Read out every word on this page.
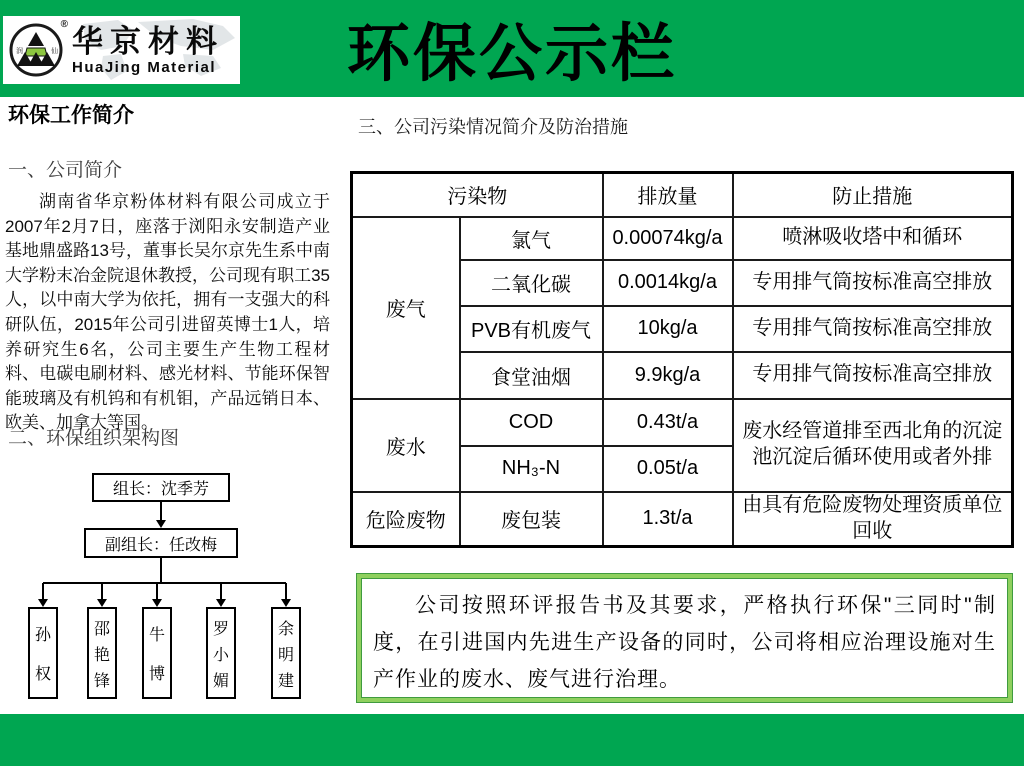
环保公示栏
润	仙
® 华京材料
HuaJing Material
环保工作简介
一、公司简介
湖南省华京粉体材料有限公司成立于2007年2月7日，座落于浏阳永安制造产业基地鼎盛路13号，董事长吴尔京先生系中南大学粉末冶金院退休教授，公司现有职工35人，以中南大学为依托，拥有一支强大的科研队伍，2015年公司引进留英博士1人，培养研究生6名，公司主要生产生物工程材料、电碳电刷材料、感光材料、节能环保智能玻璃及有机钨和有机钼，产品远销日本、欧美、加拿大等国。
二、环保组织架构图
组长：沈季芳
副组长：任改梅
孙
权
邵
艳
锋
牛
博
罗
小
媚
余
明
建
三、公司污染情况简介及防治措施
污染物		排放量	防止措施
废气	氯气	0.00074kg/a	喷淋吸收塔中和循环
	二氧化碳	0.0014kg/a	专用排气筒按标准高空排放
	PVB有机废气	10kg/a	专用排气筒按标准高空排放
	食堂油烟	9.9kg/a	专用排气筒按标准高空排放
废水	COD	0.43t/a	废水经管道排至西北角的沉淀池沉淀后循环使用或者外排
	NH₃-N	0.05t/a	
危险废物	废包装	1.3t/a	由具有危险废物处理资质单位回收
公司按照环评报告书及其要求，严格执行环保"三同时"制度，在引进国内先进生产设备的同时，公司将相应治理设施对生产作业的废水、废气进行治理。
